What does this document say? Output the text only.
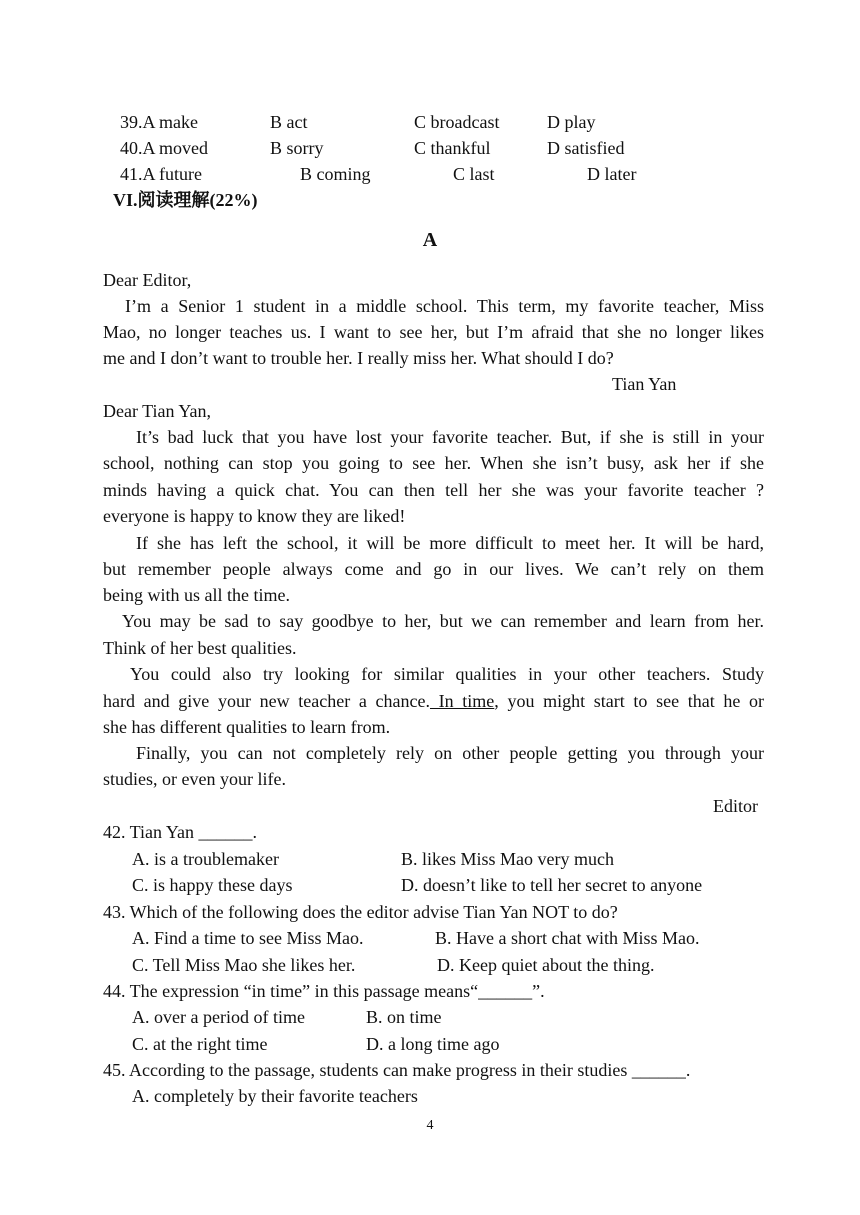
39.A make	B act	C broadcast	D play
40.A moved	B sorry	C thankful	D satisfied
41.A future	B coming	C last	D later
VI.阅读理解(22%)
A
Dear Editor,
I’m a Senior 1 student in a middle school. This term, my favorite teacher, Miss
Mao, no longer teaches us. I want to see her, but I’m afraid that she no longer likes
me and I don’t want to trouble her. I really miss her. What should I do?
Tian Yan
Dear Tian Yan,
It’s bad luck that you have lost your favorite teacher. But, if she is still in your
school, nothing can stop you going to see her. When she isn’t busy, ask her if she
minds having a quick chat. You can then tell her she was your favorite teacher ?
everyone is happy to know they are liked!
If she has left the school, it will be more difficult to meet her. It will be hard,
but remember people always come and go in our lives. We can’t rely on them
being with us all the time.
You may be sad to say goodbye to her, but we can remember and learn from her.
Think of her best qualities.
You could also try looking for similar qualities in your other teachers. Study
hard and give your new teacher a chance. In time, you might start to see that he or
she has different qualities to learn from.
Finally, you can not completely rely on other people getting you through your
studies, or even your life.
Editor
42. Tian Yan ______.
A. is a troublemaker	B. likes Miss Mao very much
C. is happy these days	D. doesn’t like to tell her secret to anyone
43. Which of the following does the editor advise Tian Yan NOT to do?
A. Find a time to see Miss Mao.	B. Have a short chat with Miss Mao.
C. Tell Miss Mao she likes her.	D. Keep quiet about the thing.
44. The expression “in time” in this passage means“______”.
A. over a period of time	B. on time
C. at the right time	D. a long time ago
45. According to the passage, students can make progress in their studies ______.
A. completely by their favorite teachers
4
